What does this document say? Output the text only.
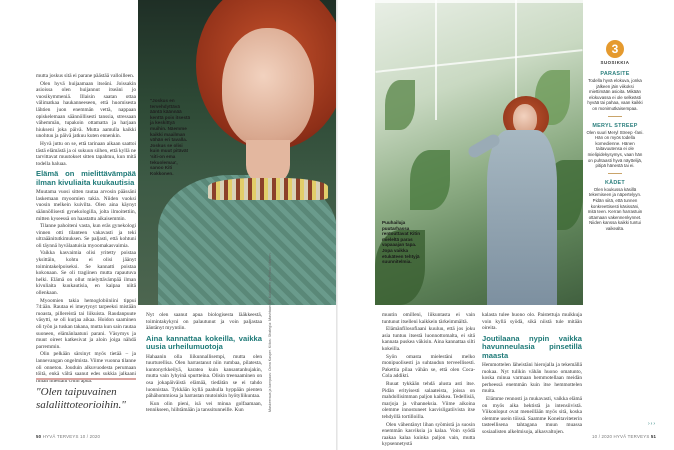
mutta joskus sitä ei parane päästää valloilleen.

Olen hyvä huijaamaan itseäni. Joissakin asioissa olen huijannut itseäni jo vuosikymmeniä. Illaisin saatan ottaa välimatkaa haukanneeseen, että huomisesta lähtien juon enemmän vettä, nappaan opiskelemaan säännöllisesti tanssia, stressaan vähemmän, tupakoin ottamatta ja harjaan hiukseni joka päivä. Mutta aamulla kaikki unohtuu ja päivä jatkuu kuten ennenkin.

Hyvä juttu on se, että tarinaan aikaan saattoi tästä elämästä ja oi sukuun siihen, että kyllä ne tarvittavat muutokset sitten tapahtuu, kun mitä todella haluaa.

Elämä on mielittävämpää ilman kivuliaita kuukautisia

Muutama vuosi sitten rautaa arvosin päässäni laskemaan myoomien takia. Niiden vuoksi vuosin melkein kuivilta. Olen aina käynyt säännöllisesti gynekologilla, jolta ilmoitettiin, mitten kyseessä on haastattu aikaisemmin.

Tilanne pahoiteni vasta, kun eräs gynekologi vinnen otti tilanteen vakavasti ja teki ultraäänitutkimuksen. Se paljasti, että kohtuni oli täynnä hyvälaatuisia myoomakasvaimia.

Vaikka kasvaimia olisi yritetty poistaa yksittäin, kohtu ei olisi jäänyt toimintakelpoiseksi. Se kannatti poistaa kokonaan. Se oli tragiinen mutta rapautuva helki. Elämä on ollut mielyttävämpää ilman kivuliaita kuukautisia, en kaipaa niitä ollenkaan.

Myoomien takia hemoglobiiniini tippui 74:ään. Rautaa ei imeytynyt tarpeeksi mistään ruoasta, pillereistä tai liikuista. Raudanpuute väsytti, se oli kurjaa aikaa. Hoidon saaminen oli työn ja tuskan takana, mutta kun sain rautaa suoneen, elämänlaatuni parani. Väsymys ja muut oireet katkesivat ja aloin joiga nähdä parremmin.

Olin pelkään särsinyt myös tietää – ja lannevangan ongelmista. Viime vuonna tilanne oli onneton. Jouduin alkuvuodesta perumaan töitä, enkä vältä saanut edes sukkia jalkaani ilman miestäni Ollin apua.

"Olen taipuvainen salaliittoteorioihin."
"Joskus en tervehdyttävä ääntä käännää kenttä pois itsestä ja keskittyä muihin. Näemme kaikki maailman vähän eri tavalla. Joskus se olisi kuin muut pitävät 'siti-on ema tekuolemaa', sanoo Kiti Kokkonen.

Nyt olen saanut apua biologisesta lääkkeestä, toimintakykyni on palautunut ja voin paljastaa ääntänyt myyntiin.

Aina kannattaa kokeilla, vaikka uusia urheilumuotoja

Hahaanin olla liikunnallisempi, mutta olen tuurturellisa. Olen harrastanut niin rumbaa, pilatesta, kuntonyrkkeilyä, karatea kuin kansantanhujakin, mutta vain lyhyinä spurtteina. Olisin treenaaminen on osa jokapäiväistä elämää, tiedätän se ei tahdo luonnistaa. Tykkään kyllä paahulla hyppään pienten pähähommiosa ja harrastan mutoinkin hyötyliikuntaa.

Kun olin pieni, isä vei minua golfaamaan, tennikseen, hiihtämään ja tanssitunneille. Kun	Maskeeraus ja kampaus: Oona Kasper. Kiitos: Strategia: Mashtaan Kiti Kokkonen ja Pirkko Viitanen.
50 HYVÄ TERVEYS 10 / 2020
Puuhailuja puutarhassa rentouttavat Kitin mieleltä paras vapaaajan tapa. Jopa vaikka etukäteen tehtyjä suunnitelmia.

muutin omilleni, liikuntasta ei vain tuntunut itselleni kaikkein tärkeimmältä.

Elämänfilosofiaani kuuluu, että jos joku asia tuntuu itsestä luonnottomalta, ei sitä kannata puskea väkisin. Aina kannattaa silti kokeilla.

Syön omasta mielestäni melko monipuolisesti ja suhtaudun terveellisesti. Pakettia pilaa vähän se, että olen Coca-Cola addikti.

Ruuat tykkään tehdä alusta asti itse. Pidän erityisesti salaateista, joissa on mahdollisimman paljon kaikkea. Tedellisiä, marjoja ja vihanneksia. Viime aikoina olemme innostuneet kasvisligatiivista itse tehdyillä tortilloilla.

Olen vähentänyt lihan syömistä ja suosin enemmän kasviksia ja kalaa. Voin syödä raakaa kalaa kuinka paljon vain, mutta kypsennetystä

kalasta tulee huono olo. Paistettuja muikkuja voin kyllä syödä, sikä niistä tule mitään oireita.

Joutilaana nypin vaikka havunneulasia pinsetillä maasta

Hemmottelen läheistäni hierojalla ja tekemällä ruokaa. Nyt tulikin vähän huono omatunto, koska minua varmaan hemmotellaan meidän perheessä enemmän kuin itse hemmottelen muita.

Elämme rennosti ja mukavasti, vaikka elämä on myös aika hektistä ja intensiivistä. Viikonloput ovat meneillään myös sitä, koska olemme usein töissä. Saamme Koneitaviteterin tasteellisena tahtagana muun muassa sosiaalisten alkelmisoja, alkasvaltojen.

3
SUOSIKKIA
PARASITE
Todella hyvä elokuva, jonka jälkeen jäin viikoksi miettimään asioita. Mikään elokuvassa ei ole selkeästi hyvää tai pahaa, vaan kaikki on monimutkaisempaa.
MERYL STREEP
Olen suuri Meryl Streep -fani. Hän on myös todella komedienne. Hänen taitavuutensa ei ole mielipidekysymys, vaan hän on puhtaasti hyvä näyttelijä, pitipä hänestä tai ei.
KÄDET
Olen koukussa käsillä tekemiseen ja näpertelyyn. Pidän siitä, että tunnen konkreettisesti käsissäni, mitä teen. Kerran harrastuin ottamaan vakennenkynnet. Niiden kanssa kaikki tuntui vaikealta.
›››
10 / 2020 HYVÄ TERVEYS 51
